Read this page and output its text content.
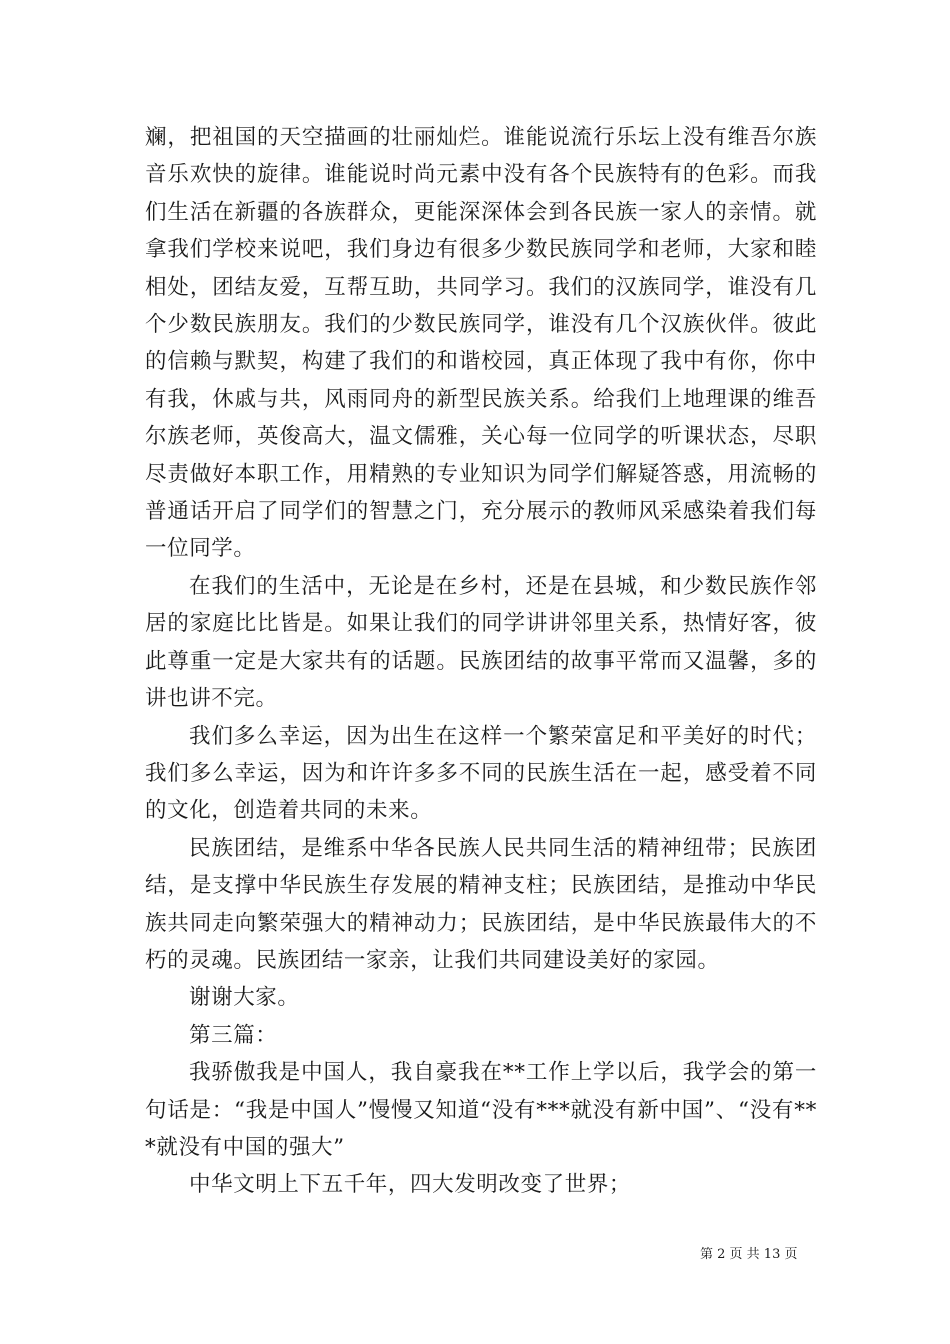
斓，把祖国的天空描画的壮丽灿烂。谁能说流行乐坛上没有维吾尔族音乐欢快的旋律。谁能说时尚元素中没有各个民族特有的色彩。而我们生活在新疆的各族群众，更能深深体会到各民族一家人的亲情。就拿我们学校来说吧，我们身边有很多少数民族同学和老师，大家和睦相处，团结友爱，互帮互助，共同学习。我们的汉族同学，谁没有几个少数民族朋友。我们的少数民族同学，谁没有几个汉族伙伴。彼此的信赖与默契，构建了我们的和谐校园，真正体现了我中有你，你中有我，休戚与共，风雨同舟的新型民族关系。给我们上地理课的维吾尔族老师，英俊高大，温文儒雅，关心每一位同学的听课状态，尽职尽责做好本职工作，用精熟的专业知识为同学们解疑答惑，用流畅的普通话开启了同学们的智慧之门，充分展示的教师风采感染着我们每一位同学。

在我们的生活中，无论是在乡村，还是在县城，和少数民族作邻居的家庭比比皆是。如果让我们的同学讲讲邻里关系，热情好客，彼此尊重一定是大家共有的话题。民族团结的故事平常而又温馨，多的讲也讲不完。

我们多么幸运，因为出生在这样一个繁荣富足和平美好的时代；我们多么幸运，因为和许许多多不同的民族生活在一起，感受着不同的文化，创造着共同的未来。

民族团结，是维系中华各民族人民共同生活的精神纽带；民族团结，是支撑中华民族生存发展的精神支柱；民族团结，是推动中华民族共同走向繁荣强大的精神动力；民族团结，是中华民族最伟大的不朽的灵魂。民族团结一家亲，让我们共同建设美好的家园。

谢谢大家。

第三篇：

我骄傲我是中国人，我自豪我在**工作上学以后，我学会的第一句话是：“我是中国人”慢慢又知道“没有***就没有新中国”、“没有***就没有中国的强大”

中华文明上下五千年，四大发明改变了世界；

第 2 页 共 13 页
